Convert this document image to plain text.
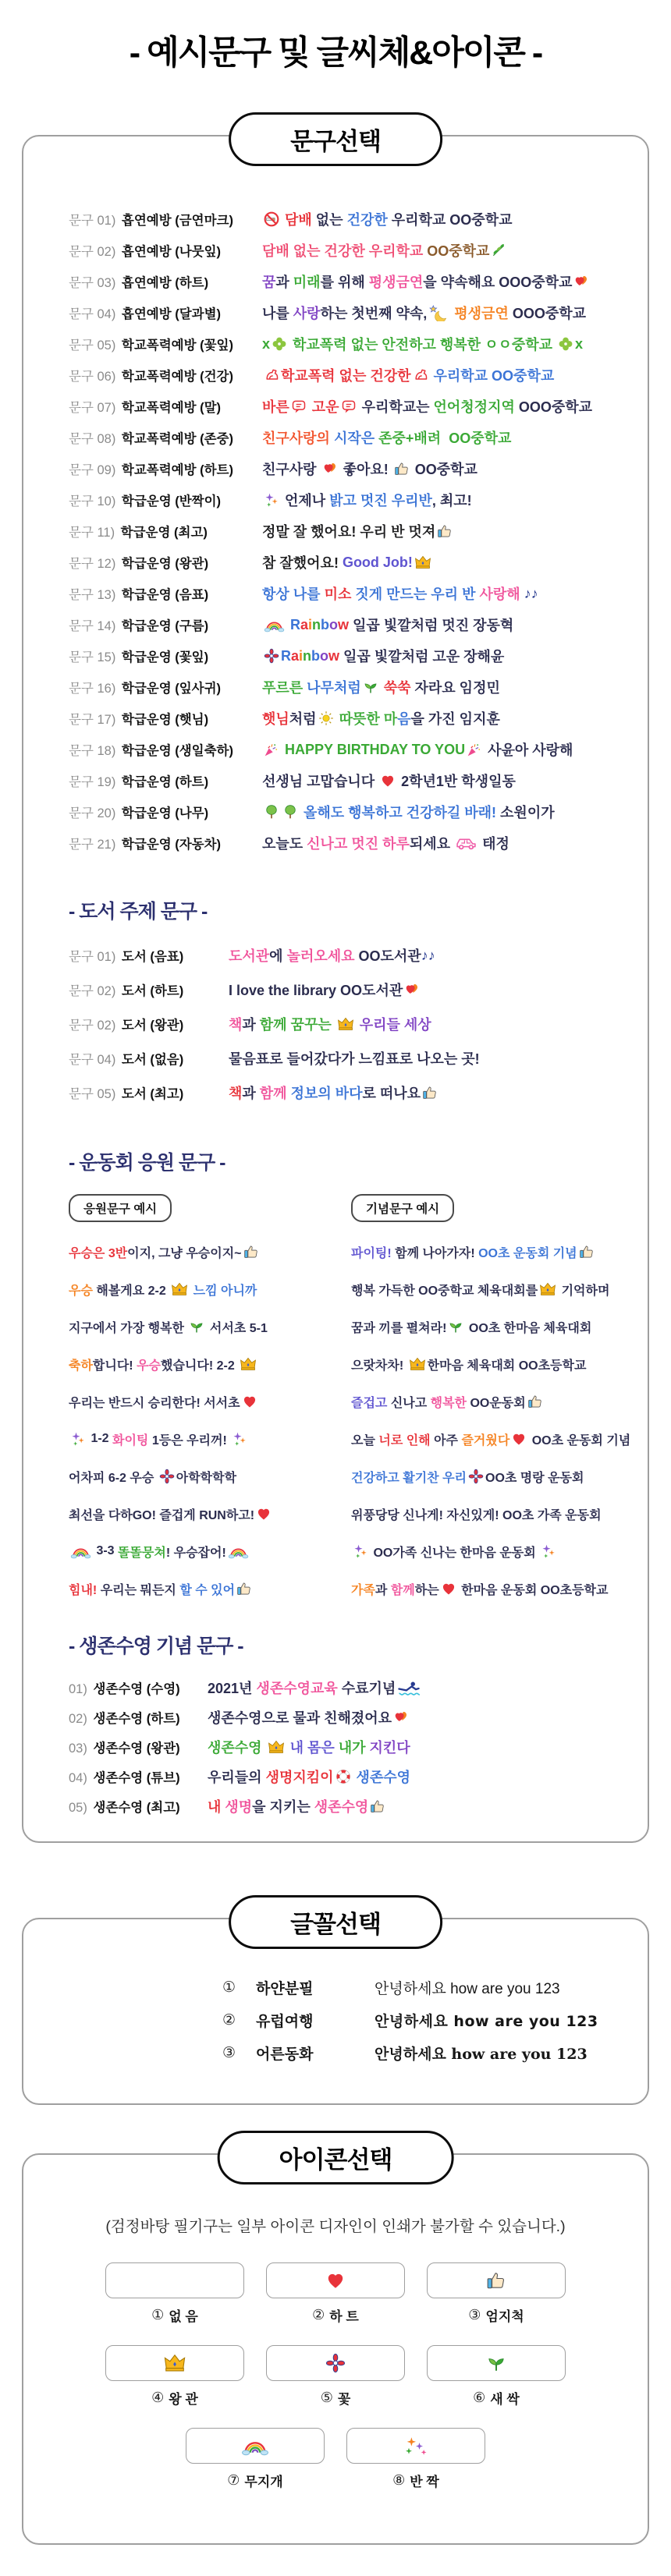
- 예시문구 및 글씨체&아이콘 -
문구선택
문구 01) 흡연예방 (금연마크)	담배 없는 건강한 우리학교 OO중학교
문구 02) 흡연예방 (나뭇잎)	담배 없는 건강한 우리학교 OO중학교
문구 03) 흡연예방 (하트)	꿈 과 미래 를 위해 평생금연 을 약속해요 OOO중학교
문구 04) 흡연예방 (달과별)	나를 사랑 하는 첫번째 약속, 평생금연 OOO중학교
문구 05) 학교폭력예방 (꽃잎)	x 학교폭력 없는 안전하고 행복한 ㅇㅇ중학교 x
문구 06) 학교폭력예방 (건강)	학교폭력 없는 건강한 우리학교 OO중학교
문구 07) 학교폭력예방 (말)	바른 고운 우리학교는 언어청정지역 OOO중학교
문구 08) 학교폭력예방 (존중)	친구사랑의 시작은 존중+배려  OO중학교
문구 09) 학교폭력예방 (하트)	친구사랑 좋아요! OO중학교
문구 10) 학급운영 (반짝이)	언제나 밝고 멋진 우리반 , 최고!
문구 11) 학급운영 (최고)	정말 잘 했어요! 우리 반 멋져
문구 12) 학급운영 (왕관)	참 잘했어요! Good Job!
문구 13) 학급운영 (음표)	항상 나를 미소 짓게 만드는 우리 반 사랑해 ♪♪
문구 14) 학급운영 (구름)	R a i n b o w 일곱 빛깔처럼 멋진 장동혁
문구 15) 학급운영 (꽃잎)	R a i n b o w 일곱 빛깔처럼 고운 장해윤
문구 16) 학급운영 (잎사귀)	푸르른 나무처럼 쑥쑥 자라요 임정민
문구 17) 학급운영 (햇님)	햇님 처럼 따뜻한 마 음 을 가진 임지훈
문구 18) 학급운영 (생일축하)	HAPPY BIRTHDAY TO YOU 사윤아 사랑해
문구 19) 학급운영 (하트)	선생님 고맙습니다 2학년1반 학생일동
문구 20) 학급운영 (나무)	올해도 행복하고 건강하길 바래! 소원이가
문구 21) 학급운영 (자동차)	오늘도 신나고 멋진 하루 되세요 태정
- 도서 주제 문구 -
문구 01) 도서 (음표)	도서관 에 놀러오세요 OO도서관 ♪♪
문구 02) 도서 (하트)	I love the library OO도서관
문구 02) 도서 (왕관)	책 과 함께 꿈꾸는 우리들 세상
문구 04) 도서 (없음)	물음표로 들어갔다가 느낌표로 나오는 곳!
문구 05) 도서 (최고)	책 과 함께 정보의 바다 로 떠나요
- 운동회 응원 문구 -
응원문구 예시
우승은 3반 이지, 그냥 우승이지~
우승 해볼게요 2-2 느낌 아니까
지구에서 가장 행복한 서서초 5-1
축하 합니다! 우승 했습니다! 2-2
우리는 반드시 승리한다! 서서초
1-2 화이팅 1등은 우리꺼!
어차피 6-2 우승 아학학학학
최선을 다하GO! 즐겁게 RUN하고!
3-3 똘똘뭉쳐 ! 우승잡어!
힘내! 우리는 뭐든지 할 수 있어
기념문구 예시
파이팅! 함께 나아가자! OO초 운동회 기념
행복 가득한 OO중학교 체육대회를 기억하며
꿈과 끼를 펼쳐라! OO초 한마음 체육대회
으랏차차! 한마음 체육대회 OO초등학교
즐겁고 신나고 행복한 OO운동회
오늘 너로 인해 아주 즐거웠다 OO초 운동회 기념
건강하고 활기찬 우리 OO초 명랑 운동회
위풍당당 신나게! 자신있게! OO초 가족 운동회
OO가족 신나는 한마음 운동회
가족 과 함께 하는 한마음 운동회 OO초등학교
- 생존수영 기념 문구 -
01) 생존수영 (수영)	2021년 생존수영교육 수료기념
02) 생존수영 (하트)	생존수영으로 물과 친해졌어요
03) 생존수영 (왕관)	생존수영 내 몸은 내가 지킨다
04) 생존수영 (튜브)	우리들의 생명지킴이 생존수영
05) 생존수영 (최고)	내 생명 을 지키는 생존수영
글꼴선택
① 하얀분필	안녕하세요 how are you 123
② 유럽여행	안녕하세요 how are you 123
③ 어른동화	안녕하세요 how are you 123
아이콘선택
(검정바탕 필기구는 일부 아이콘 디자인이 인쇄가 불가할 수 있습니다.)
① 없 음	② 하 트	③ 엄지척
④ 왕 관	⑤ 꽃	⑥ 새 싹
⑦ 무지개	⑧ 반 짝
